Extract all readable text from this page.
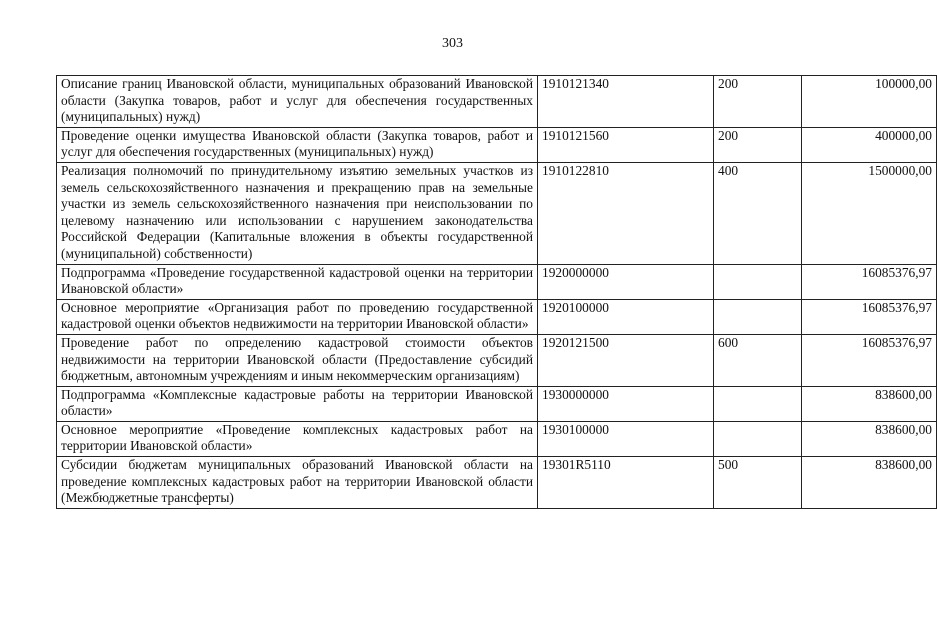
303
Описание границ Ивановской области, муниципальных образований Ивановской области (Закупка товаров, работ и услуг для обеспечения государственных (муниципальных) нужд)	1910121340	200	100000,00
Проведение оценки имущества Ивановской области (Закупка товаров, работ и услуг для обеспечения государственных (муниципальных) нужд)	1910121560	200	400000,00
Реализация полномочий по принудительному изъятию земельных участков из земель сельскохозяйственного назначения и прекращению прав на земельные участки из земель сельскохозяйственного назначения при неиспользовании по целевому назначению или использовании с нарушением законодательства Российской Федерации (Капитальные вложения в объекты государственной (муниципальной) собственности)	1910122810	400	1500000,00
Подпрограмма «Проведение государственной кадастровой оценки на территории Ивановской области»	1920000000		16085376,97
Основное мероприятие «Организация работ по проведению государственной кадастровой оценки объектов недвижимости на территории Ивановской области»	1920100000		16085376,97
Проведение работ по определению кадастровой стоимости объектов недвижимости на территории Ивановской области (Предоставление субсидий бюджетным, автономным учреждениям и иным некоммерческим организациям)	1920121500	600	16085376,97
Подпрограмма «Комплексные кадастровые работы на территории Ивановской области»	1930000000		838600,00
Основное мероприятие «Проведение комплексных кадастровых работ на территории Ивановской области»	1930100000		838600,00
Субсидии бюджетам муниципальных образований Ивановской области на проведение комплексных кадастровых работ на территории Ивановской области (Межбюджетные трансферты)	19301R5110	500	838600,00
